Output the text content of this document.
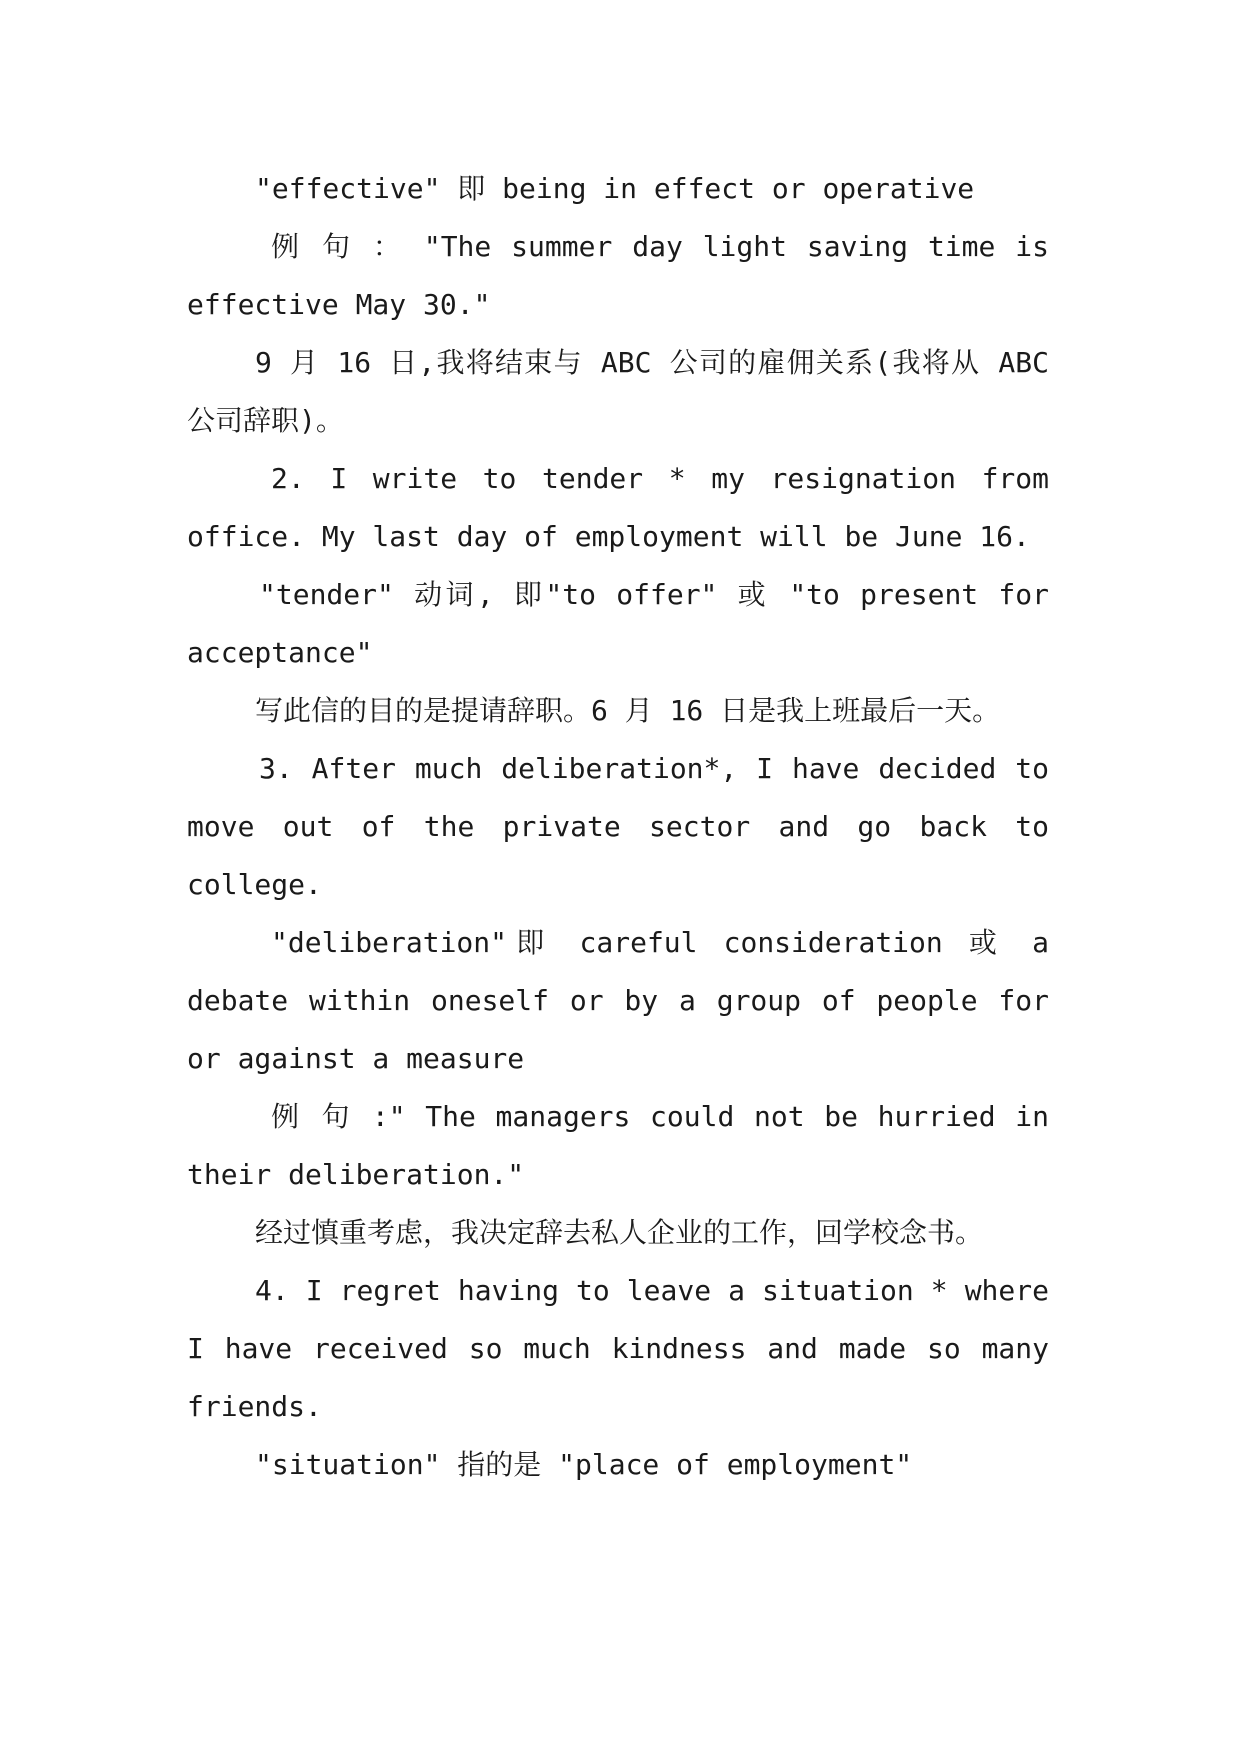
"effective" 即 being in effect or operative

例 句 ： "The summer day light saving time is effective May 30."

9 月 16 日,我将结束与 ABC 公司的雇佣关系(我将从 ABC 公司辞职)。

2. I write to tender * my resignation from office. My last day of employment will be June 16.

"tender" 动词, 即"to offer" 或 "to present for acceptance"

写此信的目的是提请辞职。6 月 16 日是我上班最后一天。

3. After much deliberation*, I have decided to move out of the private sector and go back to college.

"deliberation"即 careful consideration 或 a debate within oneself or by a group of people for or against a measure

例 句 :" The managers could not be hurried in their deliberation."

经过慎重考虑，我决定辞去私人企业的工作，回学校念书。

4. I regret having to leave a situation * where I have received so much kindness and made so many friends.

"situation" 指的是 "place of employment"
